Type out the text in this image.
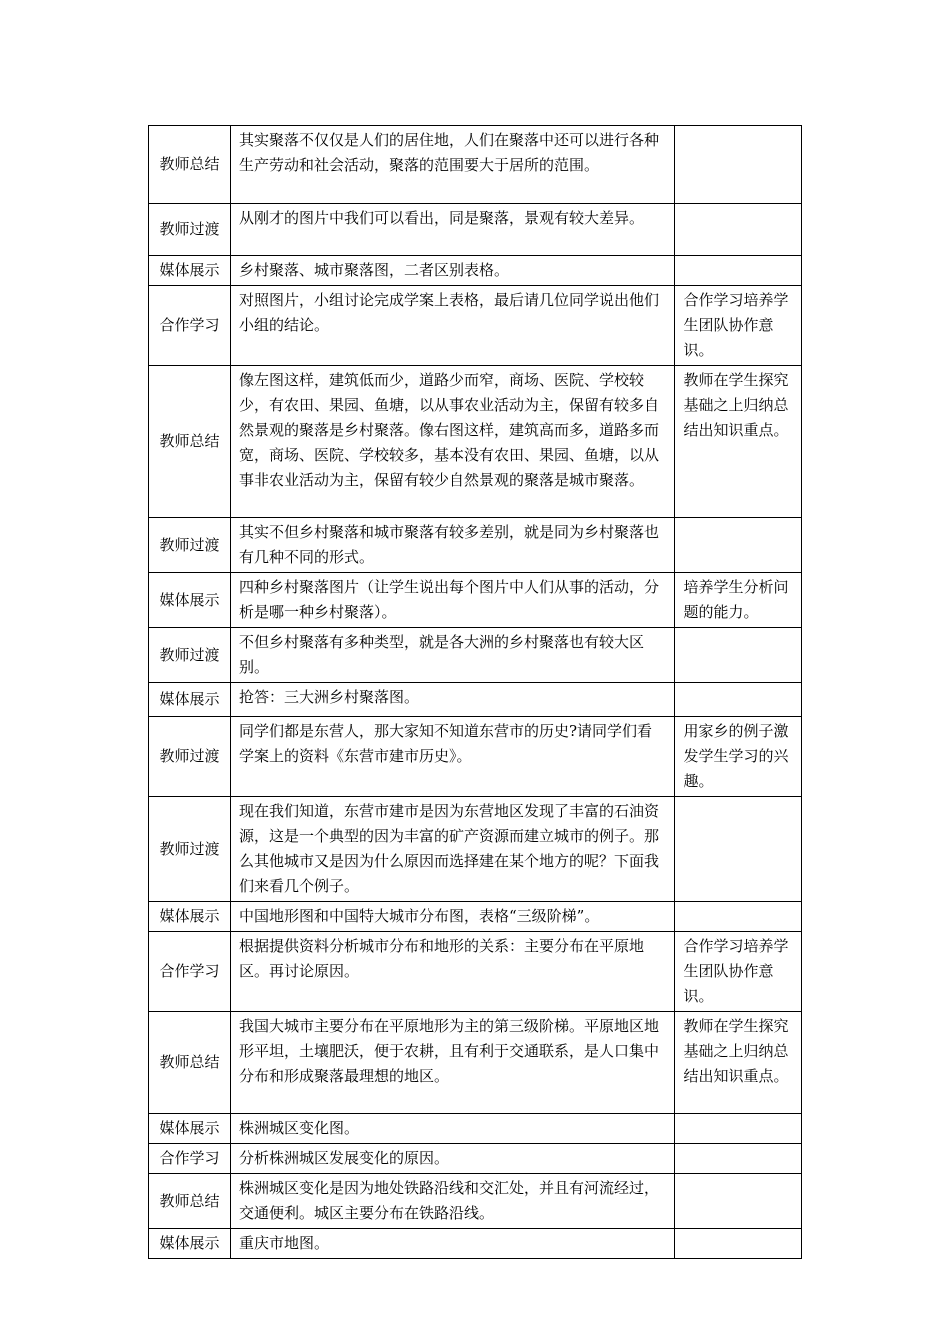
教师总结	其实聚落不仅仅是人们的居住地，人们在聚落中还可以进行各种生产劳动和社会活动，聚落的范围要大于居所的范围。	
教师过渡	从刚才的图片中我们可以看出，同是聚落，景观有较大差异。	
媒体展示	乡村聚落、城市聚落图，二者区别表格。	
合作学习	对照图片，小组讨论完成学案上表格，最后请几位同学说出他们小组的结论。	合作学习培养学生团队协作意识。
教师总结	像左图这样，建筑低而少，道路少而窄，商场、医院、学校较少，有农田、果园、鱼塘，以从事农业活动为主，保留有较多自然景观的聚落是乡村聚落。像右图这样，建筑高而多，道路多而宽，商场、医院、学校较多，基本没有农田、果园、鱼塘，以从事非农业活动为主，保留有较少自然景观的聚落是城市聚落。	教师在学生探究基础之上归纳总结出知识重点。
教师过渡	其实不但乡村聚落和城市聚落有较多差别，就是同为乡村聚落也有几种不同的形式。	
媒体展示	四种乡村聚落图片（让学生说出每个图片中人们从事的活动，分析是哪一种乡村聚落）。	培养学生分析问题的能力。
教师过渡	不但乡村聚落有多种类型，就是各大洲的乡村聚落也有较大区别。	
媒体展示	抢答：三大洲乡村聚落图。	
教师过渡	同学们都是东营人，那大家知不知道东营市的历史?请同学们看学案上的资料《东营市建市历史》。	用家乡的例子激发学生学习的兴趣。
教师过渡	现在我们知道，东营市建市是因为东营地区发现了丰富的石油资源，这是一个典型的因为丰富的矿产资源而建立城市的例子。那么其他城市又是因为什么原因而选择建在某个地方的呢？下面我们来看几个例子。	
媒体展示	中国地形图和中国特大城市分布图，表格“三级阶梯”。	
合作学习	根据提供资料分析城市分布和地形的关系：主要分布在平原地区。再讨论原因。	合作学习培养学生团队协作意识。
教师总结	我国大城市主要分布在平原地形为主的第三级阶梯。平原地区地形平坦，土壤肥沃，便于农耕，且有利于交通联系，是人口集中分布和形成聚落最理想的地区。	教师在学生探究基础之上归纳总结出知识重点。
媒体展示	株洲城区变化图。	
合作学习	分析株洲城区发展变化的原因。	
教师总结	株洲城区变化是因为地处铁路沿线和交汇处，并且有河流经过，交通便利。城区主要分布在铁路沿线。	
媒体展示	重庆市地图。	
